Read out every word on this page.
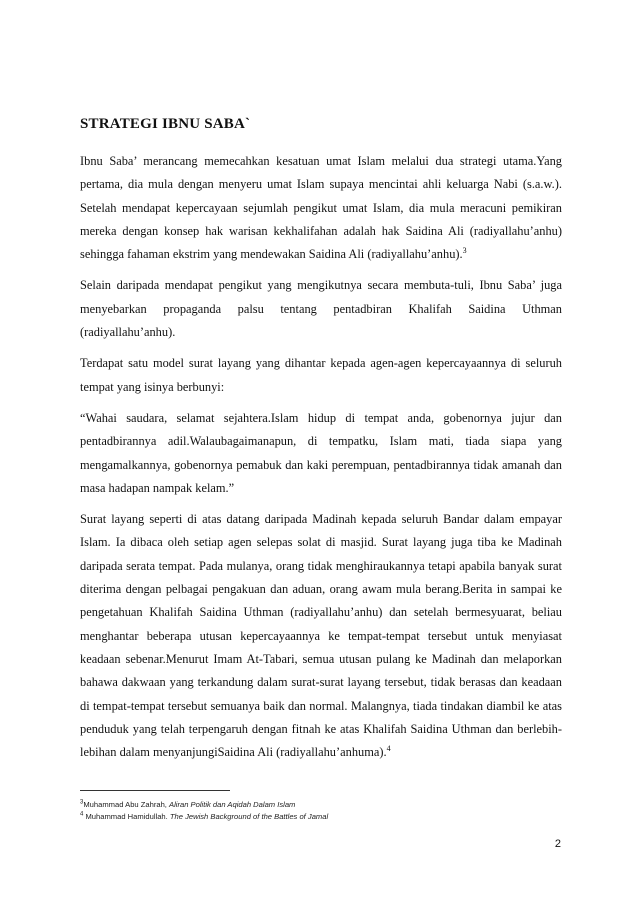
STRATEGI IBNU SABA`

Ibnu Saba’ merancang memecahkan kesatuan umat Islam melalui dua strategi utama.Yang pertama, dia mula dengan menyeru umat Islam supaya mencintai ahli keluarga Nabi (s.a.w.). Setelah mendapat kepercayaan sejumlah pengikut umat Islam, dia mula meracuni pemikiran mereka dengan konsep hak warisan kekhalifahan adalah hak Saidina Ali (radiyallahu’anhu) sehingga fahaman ekstrim yang mendewakan Saidina Ali (radiyallahu’anhu).$^3$

Selain daripada mendapat pengikut yang mengikutnya secara membuta-tuli, Ibnu Saba’ juga menyebarkan propaganda palsu tentang pentadbiran Khalifah Saidina Uthman (radiyallahu’anhu).

Terdapat satu model surat layang yang dihantar kepada agen-agen kepercayaannya di seluruh tempat yang isinya berbunyi:

“Wahai saudara, selamat sejahtera.Islam hidup di tempat anda, gobenornya jujur dan pentadbirannya adil.Walaubagaimanapun, di tempatku, Islam mati, tiada siapa yang mengamalkannya, gobenornya pemabuk dan kaki perempuan, pentadbirannya tidak amanah dan masa hadapan nampak kelam.”

Surat layang seperti di atas datang daripada Madinah kepada seluruh Bandar dalam empayar Islam. Ia dibaca oleh setiap agen selepas solat di masjid. Surat layang juga tiba ke Madinah daripada serata tempat. Pada mulanya, orang tidak menghiraukannya tetapi apabila banyak surat diterima dengan pelbagai pengakuan dan aduan, orang awam mula berang.Berita in sampai ke pengetahuan Khalifah Saidina Uthman (radiyallahu’anhu) dan setelah bermesyuarat, beliau menghantar beberapa utusan kepercayaannya ke tempat-tempat tersebut untuk menyiasat keadaan sebenar.Menurut Imam At-Tabari, semua utusan pulang ke Madinah dan melaporkan bahawa dakwaan yang terkandung dalam surat-surat layang tersebut, tidak berasas dan keadaan di tempat-tempat tersebut semuanya baik dan normal. Malangnya, tiada tindakan diambil ke atas penduduk yang telah terpengaruh dengan fitnah ke atas Khalifah Saidina Uthman dan berlebih-lebihan dalam menyanjungiSaidina Ali (radiyallahu’anhuma).$^4$

$^3$Muhammad Abu Zahrah, Aliran Politik dan Aqidah Dalam Islam

$^4$ Muhammad Hamidullah. The Jewish Background of the Battles of Jamal

2
